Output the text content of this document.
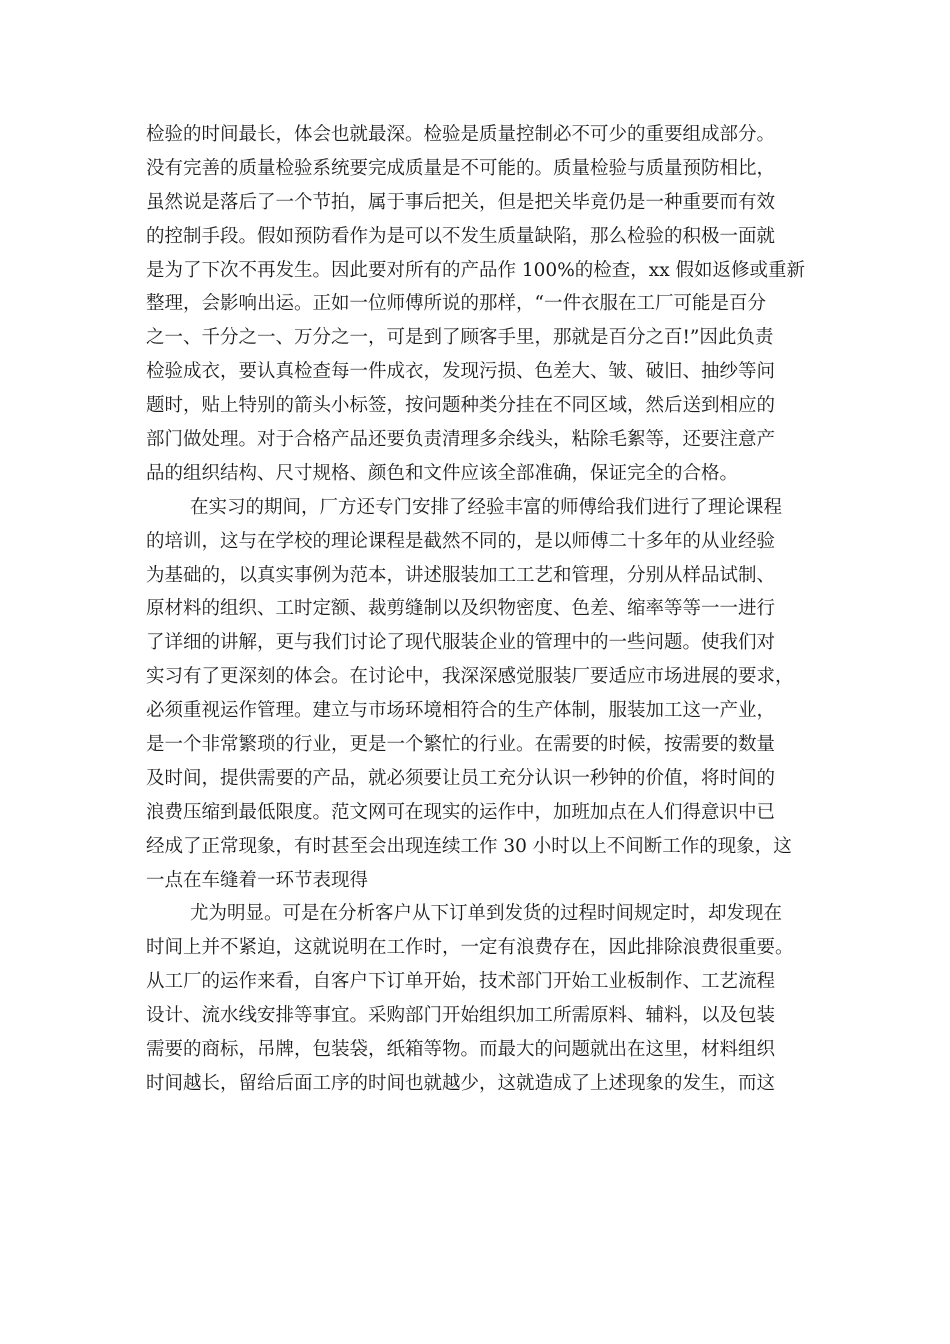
检验的时间最长，体会也就最深。检验是质量控制必不可少的重要组成部分。
没有完善的质量检验系统要完成质量是不可能的。质量检验与质量预防相比，
虽然说是落后了一个节拍，属于事后把关，但是把关毕竟仍是一种重要而有效
的控制手段。假如预防看作为是可以不发生质量缺陷，那么检验的积极一面就
是为了下次不再发生。因此要对所有的产品作 100%的检查，xx 假如返修或重新
整理，会影响出运。正如一位师傅所说的那样，“一件衣服在工厂可能是百分
之一、千分之一、万分之一，可是到了顾客手里，那就是百分之百!”因此负责
检验成衣，要认真检查每一件成衣，发现污损、色差大、皱、破旧、抽纱等问
题时，贴上特别的箭头小标签，按问题种类分挂在不同区域，然后送到相应的
部门做处理。对于合格产品还要负责清理多余线头，粘除毛絮等，还要注意产
品的组织结构、尺寸规格、颜色和文件应该全部准确，保证完全的合格。
在实习的期间，厂方还专门安排了经验丰富的师傅给我们进行了理论课程
的培训，这与在学校的理论课程是截然不同的，是以师傅二十多年的从业经验
为基础的，以真实事例为范本，讲述服装加工工艺和管理，分别从样品试制、
原材料的组织、工时定额、裁剪缝制以及织物密度、色差、缩率等等一一进行
了详细的讲解，更与我们讨论了现代服装企业的管理中的一些问题。使我们对
实习有了更深刻的体会。在讨论中，我深深感觉服装厂要适应市场进展的要求，
必须重视运作管理。建立与市场环境相符合的生产体制，服装加工这一产业，
是一个非常繁琐的行业，更是一个繁忙的行业。在需要的时候，按需要的数量
及时间，提供需要的产品，就必须要让员工充分认识一秒钟的价值，将时间的
浪费压缩到最低限度。范文网可在现实的运作中，加班加点在人们得意识中已
经成了正常现象，有时甚至会出现连续工作 30 小时以上不间断工作的现象，这
一点在车缝着一环节表现得
尤为明显。可是在分析客户从下订单到发货的过程时间规定时，却发现在
时间上并不紧迫，这就说明在工作时，一定有浪费存在，因此排除浪费很重要。
从工厂的运作来看，自客户下订单开始，技术部门开始工业板制作、工艺流程
设计、流水线安排等事宜。采购部门开始组织加工所需原料、辅料，以及包装
需要的商标，吊牌，包装袋，纸箱等物。而最大的问题就出在这里，材料组织
时间越长，留给后面工序的时间也就越少，这就造成了上述现象的发生，而这
